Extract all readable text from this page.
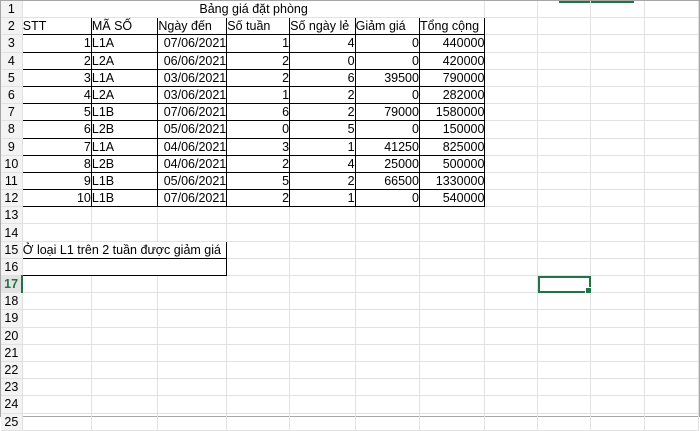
1	Bảng giá đặt phòng										
2	STT	MÃ SỐ	Ngày đến	Số tuần	Số ngày lẻ	Giảm giá	Tổng cộng				
3	1	L1A	07/06/2021	1	4	0	440000				
4	2	L2A	06/06/2021	2	0	0	420000				
5	3	L1A	03/06/2021	2	6	39500	790000				
6	4	L2A	03/06/2021	1	2	0	282000				
7	5	L1B	07/06/2021	6	2	79000	1580000				
8	6	L2B	05/06/2021	0	5	0	150000				
9	7	L1A	04/06/2021	3	1	41250	825000				
10	8	L2B	04/06/2021	2	4	25000	500000				
11	9	L1B	05/06/2021	5	2	66500	1330000				
12	10	L1B	07/06/2021	2	1	0	540000				
13											
14											
15	Ở loại L1 trên 2 tuần được giảm giá										
16											
17											
18											
19											
20											
21											
22											
23											
24											
25											
